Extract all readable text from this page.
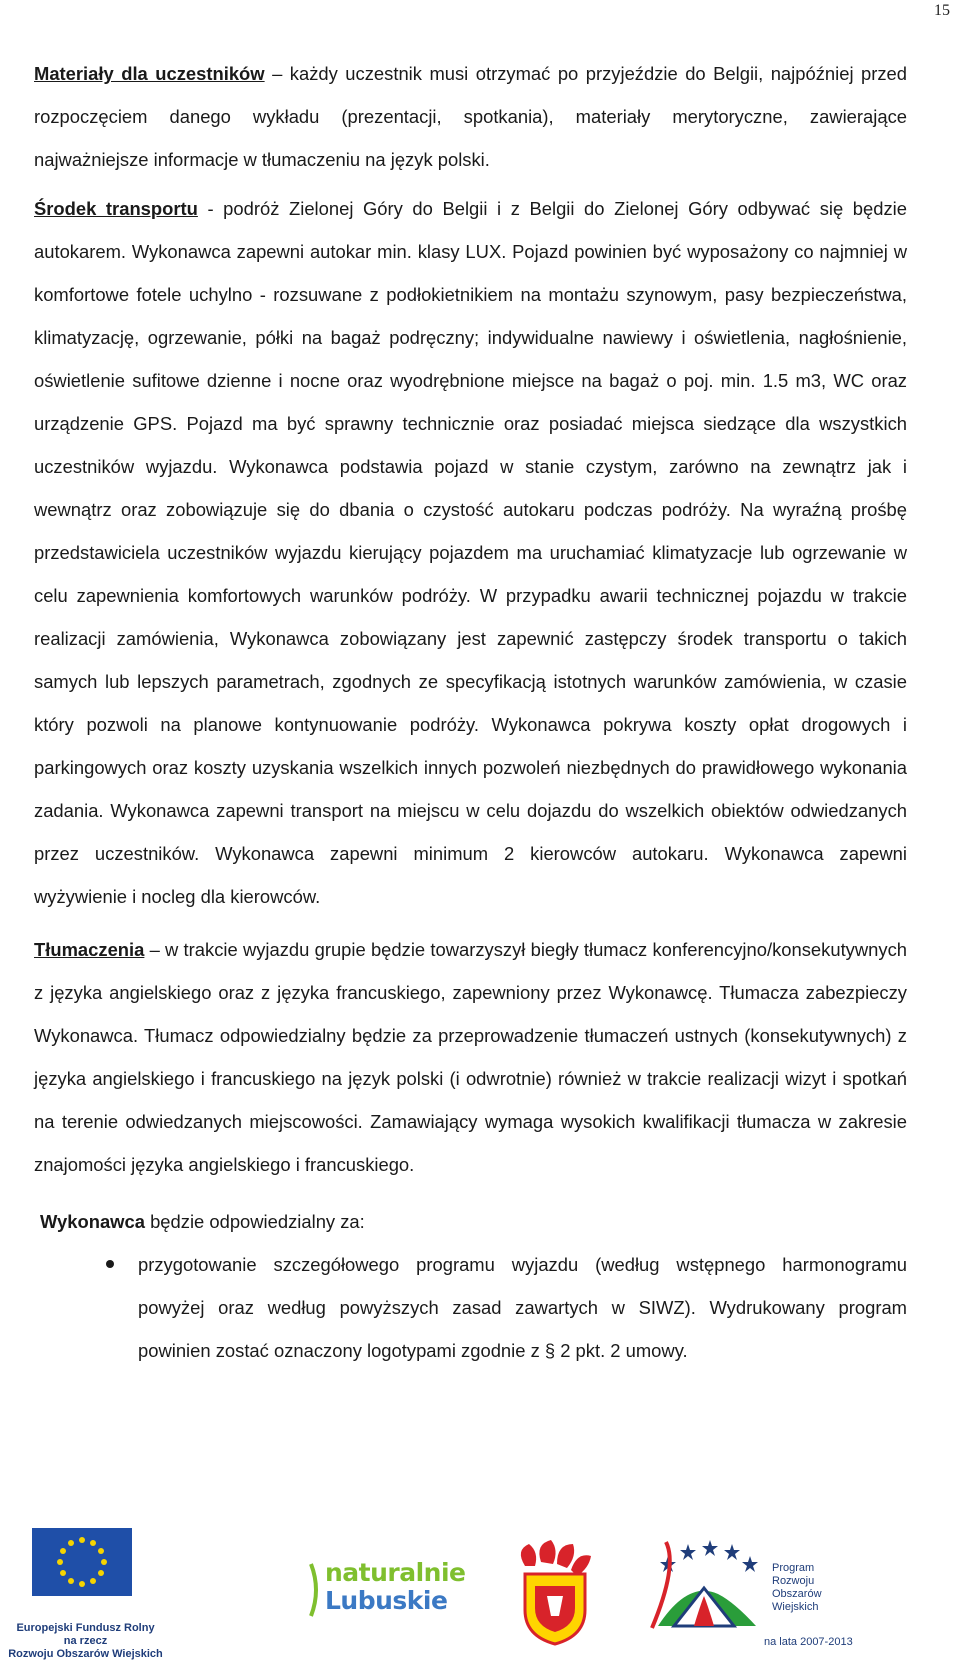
15

Materiały dla uczestników – każdy uczestnik musi otrzymać po przyjeździe do Belgii, najpóźniej przed rozpoczęciem danego wykładu (prezentacji, spotkania), materiały merytoryczne, zawierające najważniejsze informacje w tłumaczeniu na język polski.

Środek transportu - podróż Zielonej Góry do Belgii i z Belgii do Zielonej Góry odbywać się będzie autokarem. Wykonawca zapewni autokar min. klasy LUX. Pojazd powinien być wyposażony co najmniej w komfortowe fotele uchylno - rozsuwane z podłokietnikiem na montażu szynowym, pasy bezpieczeństwa, klimatyzację, ogrzewanie, półki na bagaż podręczny; indywidualne nawiewy i oświetlenia, nagłośnienie, oświetlenie sufitowe dzienne i nocne oraz wyodrębnione miejsce na bagaż o poj. min. 1.5 m3, WC oraz urządzenie GPS. Pojazd ma być sprawny technicznie oraz posiadać miejsca siedzące dla wszystkich uczestników wyjazdu. Wykonawca podstawia pojazd w stanie czystym, zarówno na zewnątrz jak i wewnątrz oraz zobowiązuje się do dbania o czystość autokaru podczas podróży. Na wyraźną prośbę przedstawiciela uczestników wyjazdu kierujący pojazdem ma uruchamiać klimatyzacje lub ogrzewanie w celu zapewnienia komfortowych warunków podróży. W przypadku awarii technicznej pojazdu w trakcie realizacji zamówienia, Wykonawca zobowiązany jest zapewnić zastępczy środek transportu o takich samych lub lepszych parametrach, zgodnych ze specyfikacją istotnych warunków zamówienia, w czasie który pozwoli na planowe kontynuowanie podróży. Wykonawca pokrywa koszty opłat drogowych i parkingowych oraz koszty uzyskania wszelkich innych pozwoleń niezbędnych do prawidłowego wykonania zadania. Wykonawca zapewni transport na miejscu w celu dojazdu do wszelkich obiektów odwiedzanych przez uczestników. Wykonawca zapewni minimum 2 kierowców autokaru. Wykonawca zapewni wyżywienie i nocleg dla kierowców.

Tłumaczenia – w trakcie wyjazdu grupie będzie towarzyszył biegły tłumacz konferencyjno/konsekutywnych z języka angielskiego oraz z języka francuskiego, zapewniony przez Wykonawcę. Tłumacza zabezpieczy Wykonawca. Tłumacz odpowiedzialny będzie za przeprowadzenie tłumaczeń ustnych (konsekutywnych) z języka angielskiego i francuskiego na język polski (i odwrotnie) również w trakcie realizacji wizyt i spotkań na terenie odwiedzanych miejscowości. Zamawiający wymaga wysokich kwalifikacji tłumacza w zakresie znajomości języka angielskiego i francuskiego.

Wykonawca będzie odpowiedzialny za:

przygotowanie szczegółowego programu wyjazdu (według wstępnego harmonogramu powyżej oraz według powyższych zasad zawartych w SIWZ). Wydrukowany program powinien zostać oznaczony logotypami zgodnie z § 2 pkt. 2 umowy.
Europejski Fundusz Rolny
na rzecz
Rozwoju Obszarów Wiejskich
naturalnie
Lubuskie
Program
Rozwoju
Obszarów
Wiejskich
na lata 2007-2013
